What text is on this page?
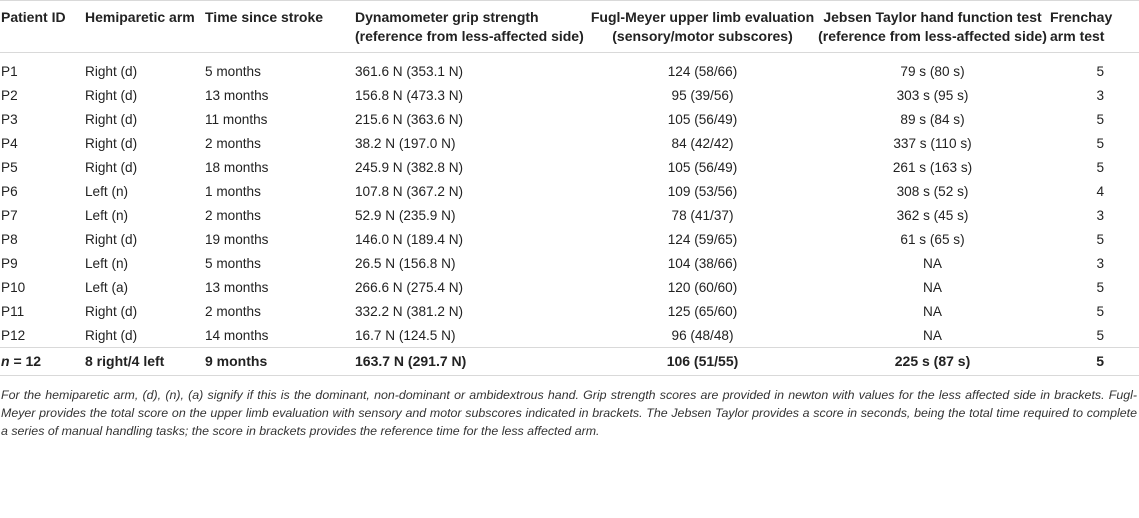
Patient ID	Hemiparetic arm	Time since stroke	Dynamometer grip strength (reference from less-affected side)	Fugl-Meyer upper limb evaluation (sensory/motor subscores)	Jebsen Taylor hand function test (reference from less-affected side)	Frenchay arm test
P1	Right (d)	5 months	361.6 N (353.1 N)	124 (58/66)	79 s (80 s)	5
P2	Right (d)	13 months	156.8 N (473.3 N)	95 (39/56)	303 s (95 s)	3
P3	Right (d)	11 months	215.6 N (363.6 N)	105 (56/49)	89 s (84 s)	5
P4	Right (d)	2 months	38.2 N (197.0 N)	84 (42/42)	337 s (110 s)	5
P5	Right (d)	18 months	245.9 N (382.8 N)	105 (56/49)	261 s (163 s)	5
P6	Left (n)	1 months	107.8 N (367.2 N)	109 (53/56)	308 s (52 s)	4
P7	Left (n)	2 months	52.9 N (235.9 N)	78 (41/37)	362 s (45 s)	3
P8	Right (d)	19 months	146.0 N (189.4 N)	124 (59/65)	61 s (65 s)	5
P9	Left (n)	5 months	26.5 N (156.8 N)	104 (38/66)	NA	3
P10	Left (a)	13 months	266.6 N (275.4 N)	120 (60/60)	NA	5
P11	Right (d)	2 months	332.2 N (381.2 N)	125 (65/60)	NA	5
P12	Right (d)	14 months	16.7 N (124.5 N)	96 (48/48)	NA	5
n = 12	8 right/4 left	9 months	163.7 N (291.7 N)	106 (51/55)	225 s (87 s)	5

For the hemiparetic arm, (d), (n), (a) signify if this is the dominant, non-dominant or ambidextrous hand. Grip strength scores are provided in newton with values for the less affected side in brackets. Fugl-Meyer provides the total score on the upper limb evaluation with sensory and motor subscores indicated in brackets. The Jebsen Taylor provides a score in seconds, being the total time required to complete a series of manual handling tasks; the score in brackets provides the reference time for the less affected arm.
